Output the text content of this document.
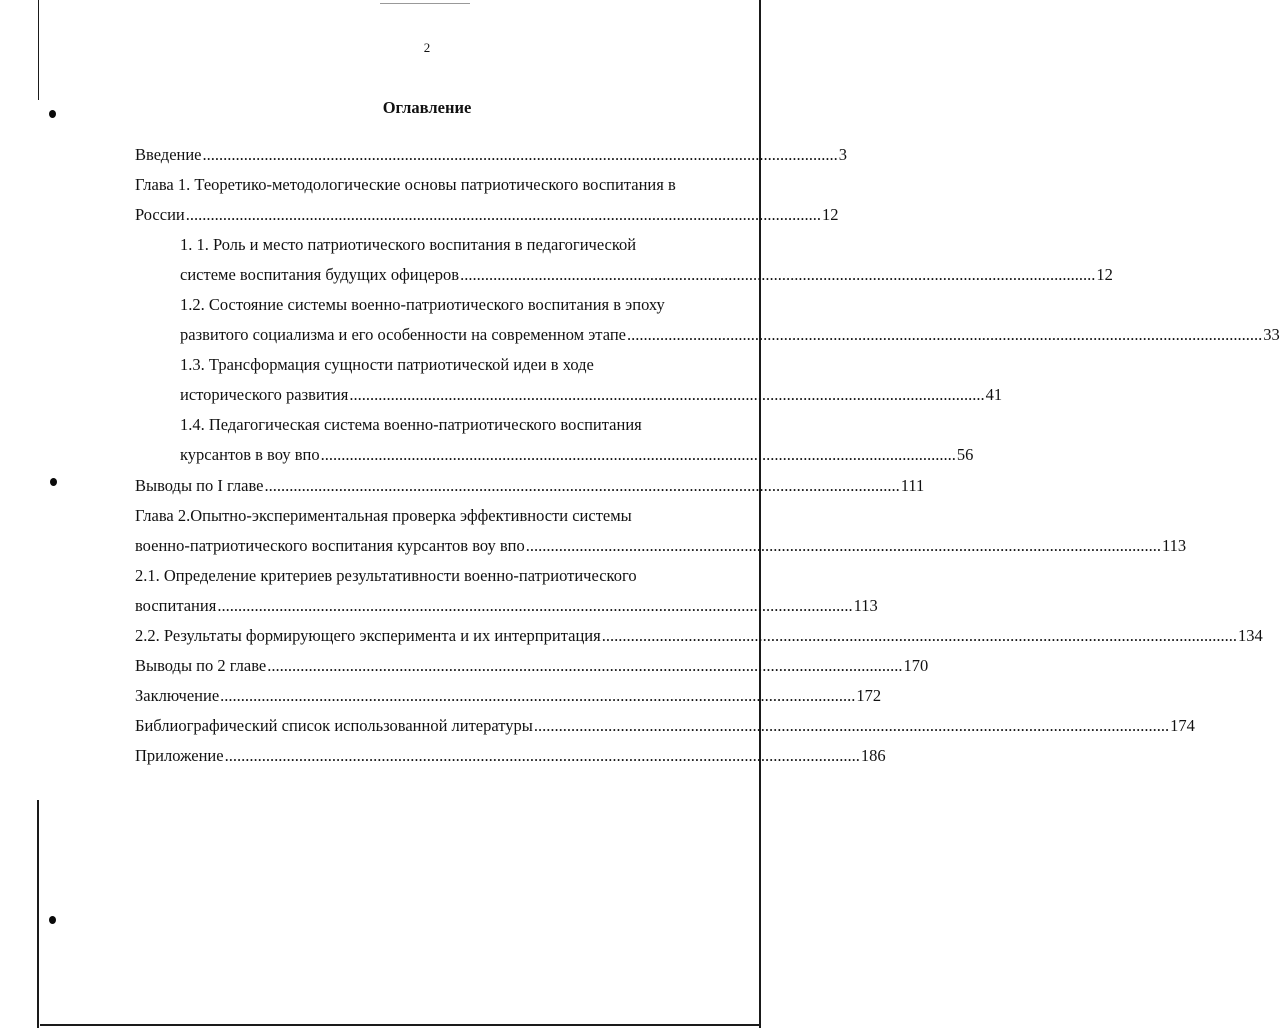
2
Оглавление
Введение .......................................................................................................................................................... 3
Глава 1. Теоретико-методологические основы патриотического воспитания в
России .......................................................................................................................................................... 12
1. 1. Роль и место патриотического воспитания в педагогической
системе воспитания будущих офицеров .......................................................................................................................................................... 12
1.2. Состояние системы военно-патриотического воспитания в эпоху
развитого социализма и его особенности на современном этапе .......................................................................................................................................................... 33
1.3. Трансформация сущности патриотической идеи в ходе
исторического развития .......................................................................................................................................................... 41
1.4. Педагогическая система военно-патриотического воспитания
курсантов в воу впо .......................................................................................................................................................... 56
Выводы по I главе .......................................................................................................................................................... 111
Глава 2.Опытно-экспериментальная проверка эффективности системы
военно-патриотического воспитания курсантов воу впо .......................................................................................................................................................... 113
2.1. Определение критериев результативности военно-патриотического
воспитания .......................................................................................................................................................... 113
2.2. Результаты формирующего эксперимента и их интерпритация .......................................................................................................................................................... 134
Выводы по 2 главе .......................................................................................................................................................... 170
Заключение .......................................................................................................................................................... 172
Библиографический список использованной литературы .......................................................................................................................................................... 174
Приложение .......................................................................................................................................................... 186
